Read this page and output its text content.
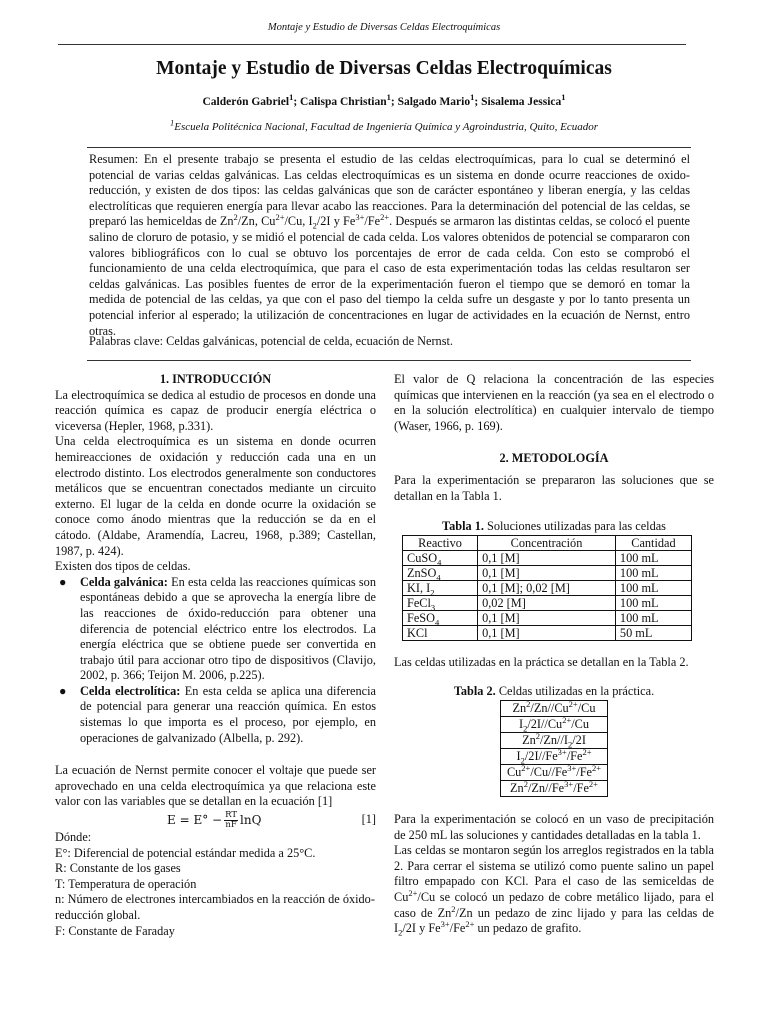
Montaje y Estudio de Diversas Celdas Electroquímicas
Montaje y Estudio de Diversas Celdas Electroquímicas
Calderón Gabriel$^1$; Calispa Christian$^1$; Salgado Mario$^1$; Sisalema Jessica$^1$
$^1$Escuela Politécnica Nacional, Facultad de Ingeniería Química y Agroindustria, Quito, Ecuador

Resumen: En el presente trabajo se presenta el estudio de las celdas electroquímicas, para lo cual se determinó el potencial de varias celdas galvánicas. Las celdas electroquímicas es un sistema en donde ocurre reacciones de oxido-reducción, y existen de dos tipos: las celdas galvánicas que son de carácter espontáneo y liberan energía, y las celdas electrolíticas que requieren energía para llevar acabo las reacciones. Para la determinación del potencial de las celdas, se preparó las hemiceldas de Zn$^2$/Zn, $Cu^{2+}/Cu$, $I_2/2I$ y $Fe^{3+}/Fe^{2+}$. Después se armaron las distintas celdas, se colocó el puente salino de cloruro de potasio, y se midió el potencial de cada celda. Los valores obtenidos de potencial se compararon con valores bibliográficos con lo cual se obtuvo los porcentajes de error de cada celda. Con esto se comprobó el funcionamiento de una celda electroquímica, que para el caso de esta experimentación todas las celdas resultaron ser celdas galvánicas. Las posibles fuentes de error de la experimentación fueron el tiempo que se demoró en tomar la medida de potencial de las celdas, ya que con el paso del tiempo la celda sufre un desgaste y por lo tanto presenta un potencial inferior al esperado; la utilización de concentraciones en lugar de actividades en la ecuación de Nernst, entro otras.

Palabras clave: Celdas galvánicas, potencial de celda, ecuación de Nernst.
1. INTRODUCCIÓN

La electroquímica se dedica al estudio de procesos en donde una reacción química es capaz de producir energía eléctrica o viceversa (Hepler, 1968, p.331).

Una celda electroquímica es un sistema en donde ocurren hemireacciones de oxidación y reducción cada una en un electrodo distinto. Los electrodos generalmente son conductores metálicos que se encuentran conectados mediante un circuito externo. El lugar de la celda en donde ocurre la oxidación se conoce como ánodo mientras que la reducción se da en el cátodo. (Aldabe, Aramendía, Lacreu, 1968, p.389; Castellan, 1987, p. 424).

Existen dos tipos de celdas.

● Celda galvánica: En esta celda las reacciones químicas son espontáneas debido a que se aprovecha la energía libre de las reacciones de óxido-reducción para obtener una diferencia de potencial eléctrico entre los electrodos. La energía eléctrica que se obtiene puede ser convertida en trabajo útil para accionar otro tipo de dispositivos (Clavijo, 2002, p. 366; Teijon M. 2006, p.225).
● Celda electrolítica: En esta celda se aplica una diferencia de potencial para generar una reacción química. En estos sistemas lo que importa es el proceso, por ejemplo, en operaciones de galvanizado (Albella, p. 292).

La ecuación de Nernst permite conocer el voltaje que puede ser aprovechado en una celda electroquímica ya que relaciona este valor con las variables que se detallan en la ecuación [1]

$E = E^\circ - \frac{RT}{nF}$ lnQ	[1]
Dónde:
E°: Diferencial de potencial estándar medida a 25°C.
R: Constante de los gases
T: Temperatura de operación
n: Número de electrones intercambiados en la reacción de óxido-reducción global.
F: Constante de Faraday

El valor de Q relaciona la concentración de las especies químicas que intervienen en la reacción (ya sea en el electrodo o en la solución electrolítica) en cualquier intervalo de tiempo (Waser, 1966, p. 169).

2. METODOLOGÍA

Para la experimentación se prepararon las soluciones que se detallan en la Tabla 1.

Tabla 1. Soluciones utilizadas para las celdas
Reactivo	Concentración	Cantidad
CuSO$_4$	0,1 [M]	100 mL
ZnSO$_4$	0,1 [M]	100 mL
KI, $I_2$	0,1 [M]; 0,02 [M]	100 mL
FeCl$_3$	0,02 [M]	100 mL
FeSO$_4$	0,1 [M]	100 mL
KCl	0,1 [M]	50 mL

Las celdas utilizadas en la práctica se detallan en la Tabla 2.

Tabla 2. Celdas utilizadas en la práctica.
$Zn^2/Zn//Cu^{2+}/Cu$
$I_2/2I//Cu^{2+}/Cu$
$Zn^2/Zn//I_2/2I$
$I_2/2I//Fe^{3+}/Fe^{2+}$
$Cu^{2+}/Cu//Fe^{3+}/Fe^{2+}$
$Zn^2/Zn//Fe^{3+}/Fe^{2+}$

Para la experimentación se colocó en un vaso de precipitación de 250 mL las soluciones y cantidades detalladas en la tabla 1.

Las celdas se montaron según los arreglos registrados en la tabla 2. Para cerrar el sistema se utilizó como puente salino un papel filtro empapado con KCl. Para el caso de las semiceldas de $Cu^{2+}/Cu$ se colocó un pedazo de cobre metálico lijado, para el caso de Zn$^2$/Zn un pedazo de zinc lijado y para las celdas de $I_2/2I$ y $Fe^{3+}/Fe^{2+}$ un pedazo de grafito.
